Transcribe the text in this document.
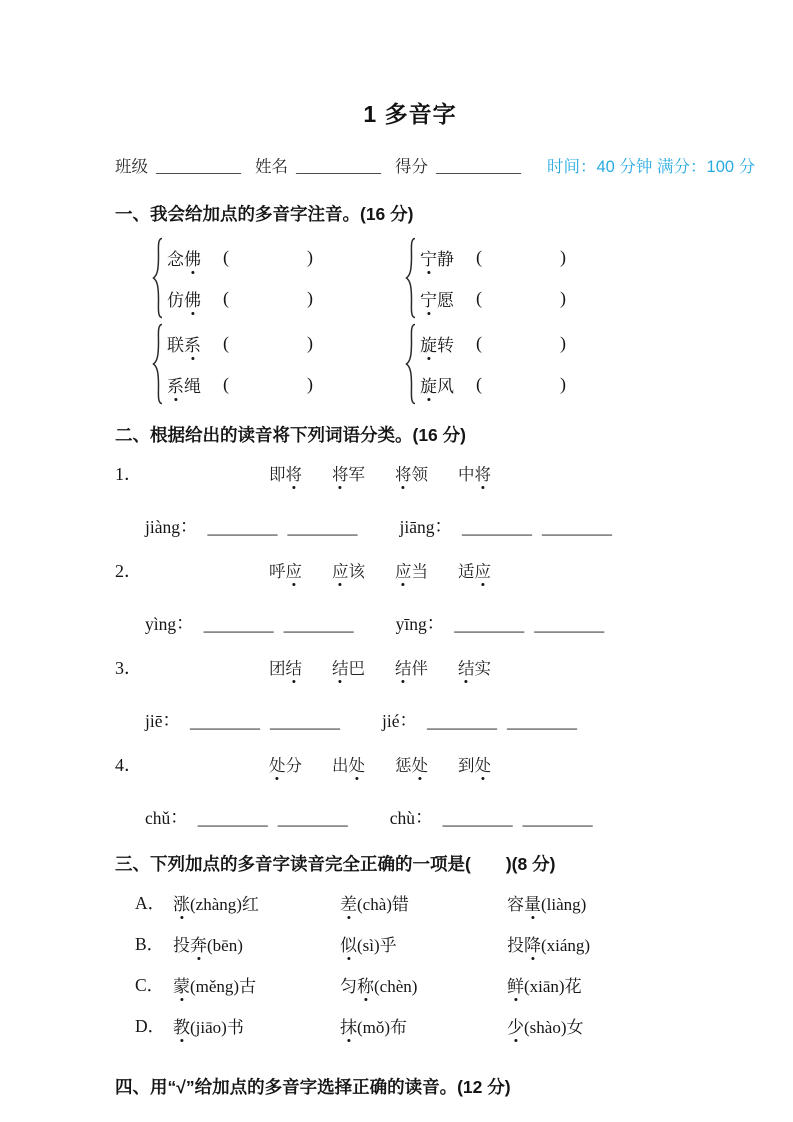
1 多音字
班级 __________ 姓名 __________ 得分 __________ 时间：40 分钟 满分：100 分
一、我会给加点的多音字注音。(16 分)
念佛	(	)
仿佛	(	)
宁静	(	)
宁愿	(	)
联系	(	)
系绳	(	)
旋转	(	)
旋风	(	)
二、根据给出的读音将下列词语分类。(16 分)
1．	即将 将军 将领 中将
jiàng ： ________ ________ jiāng ： ________ ________
2．	呼应 应该 应当 适应
yìng ： ________ ________ yīng ： ________ ________
3．	团结 结巴 结伴 结实
jiē ： ________ ________ jié ： ________ ________
4．	处分 出处 惩处 到处
chǔ ： ________ ________ chù ： ________ ________
三、下列加点的多音字读音完全正确的一项是(　　)(8 分)
A． 涨(zhàng)红	差(chà)错	容量(liàng)
B． 投奔(bēn)	似(sì)乎	投降(xiáng)
C． 蒙(měng)古	匀称(chèn)	鲜(xiān)花
D． 教(jiāo)书	抹(mǒ)布	少(shào)女
四、用“√”给加点的多音字选择正确的读音。(12 分)
